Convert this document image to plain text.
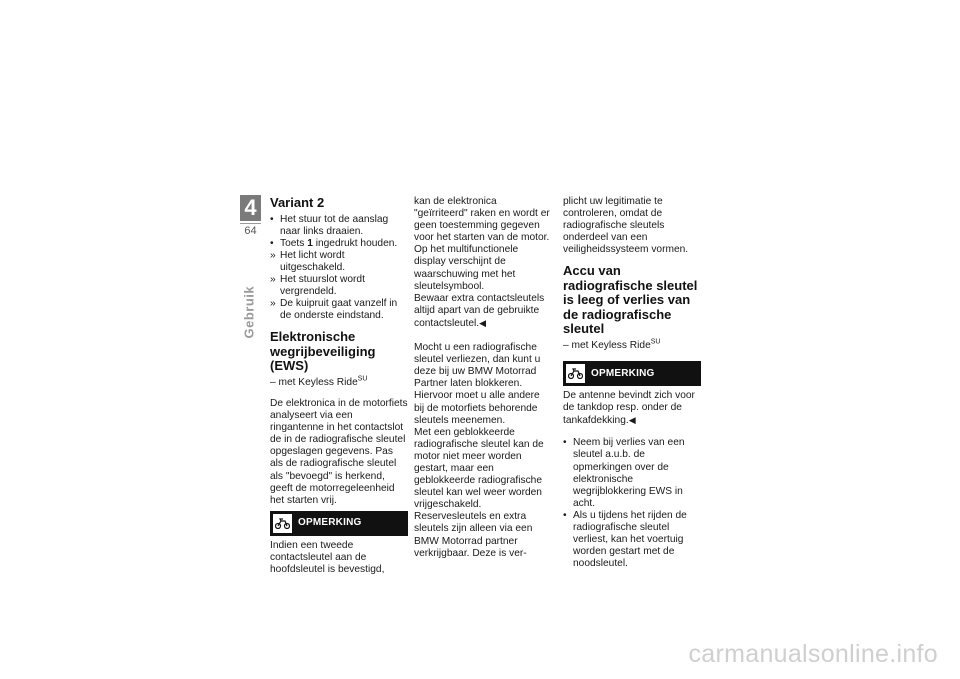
4
64
Gebruik
Variant 2
• Het stuur tot de aanslag naar links draaien.
• Toets 1 ingedrukt houden.
» Het licht wordt uitgeschakeld.
» Het stuurslot wordt vergrendeld.
» De kuipruit gaat vanzelf in de onderste eindstand.
Elektronische wegrijbeveiliging (EWS)

– met Keyless Ride$^{SU}$

De elektronica in de motorfiets analyseert via een ringantenne in het contactslot de in de radiografische sleutel opgeslagen gegevens. Pas als de radiografische sleutel als "bevoegd" is herkend, geeft de motorregeleenheid het starten vrij.

OPMERKING

Indien een tweede contactsleutel aan de hoofdsleutel is bevestigd,

kan de elektronica "geïrriteerd" raken en wordt er geen toestemming gegeven voor het starten van de motor. Op het multifunctionele display verschijnt de waarschuwing met het sleutelsymbool.

Bewaar extra contactsleutels altijd apart van de gebruikte contactsleutel.◀

Mocht u een radiografische sleutel verliezen, dan kunt u deze bij uw BMW Motorrad Partner laten blokkeren. Hiervoor moet u alle andere bij de motorfiets behorende sleutels meenemen.

Met een geblokkeerde radiografische sleutel kan de motor niet meer worden gestart, maar een geblokkeerde radiografische sleutel kan wel weer worden vrijgeschakeld.

Reservesleutels en extra sleutels zijn alleen via een BMW Motorrad partner verkrijgbaar. Deze is ver-

plicht uw legitimatie te controleren, omdat de radiografische sleutels onderdeel van een veiligheidssysteem vormen.

Accu van radiografische sleutel is leeg of verlies van de radiografische sleutel

– met Keyless Ride$^{SU}$

OPMERKING

De antenne bevindt zich voor de tankdop resp. onder de tankafdekking.◀

• Neem bij verlies van een sleutel a.u.b. de opmerkingen over de elektronische wegrijblokkering EWS in acht.
• Als u tijdens het rijden de radiografische sleutel verliest, kan het voertuig worden gestart met de noodsleutel.
carmanualsonline.info
